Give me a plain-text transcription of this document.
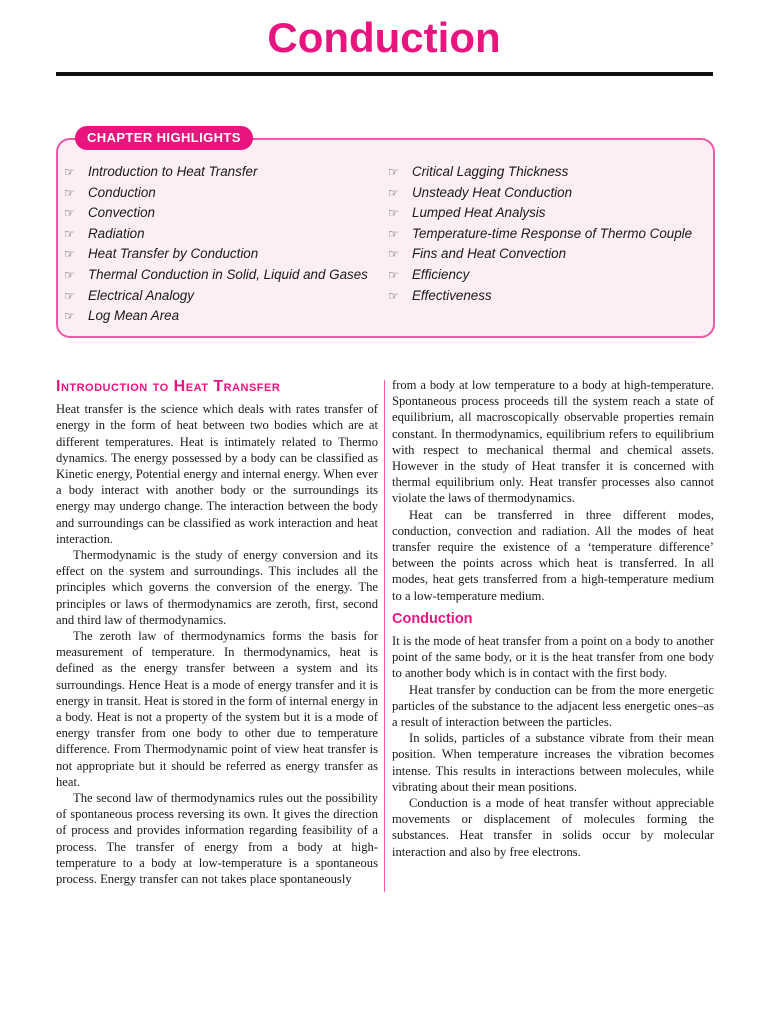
Conduction
CHAPTER HIGHLIGHTS
☞ Introduction to Heat Transfer
☞ Conduction
☞ Convection
☞ Radiation
☞ Heat Transfer by Conduction
☞ Thermal Conduction in Solid, Liquid and Gases
☞ Electrical Analogy
☞ Log Mean Area
☞ Critical Lagging Thickness
☞ Unsteady Heat Conduction
☞ Lumped Heat Analysis
☞ Temperature-time Response of Thermo Couple
☞ Fins and Heat Convection
☞ Efficiency
☞ Effectiveness
Introduction to Heat Transfer

Heat transfer is the science which deals with rates transfer of energy in the form of heat between two bodies which are at different temperatures. Heat is intimately related to Thermo dynamics. The energy possessed by a body can be classified as Kinetic energy, Potential energy and internal energy. When ever a body interact with another body or the surroundings its energy may undergo change. The interaction between the body and surroundings can be classified as work interaction and heat interaction.

Thermodynamic is the study of energy conversion and its effect on the system and surroundings. This includes all the principles which governs the conversion of the energy. The principles or laws of thermodynamics are zeroth, first, second and third law of thermodynamics.

The zeroth law of thermodynamics forms the basis for measurement of temperature. In thermodynamics, heat is defined as the energy transfer between a system and its surroundings. Hence Heat is a mode of energy transfer and it is energy in transit. Heat is stored in the form of internal energy in a body. Heat is not a property of the system but it is a mode of energy transfer from one body to other due to temperature difference. From Thermodynamic point of view heat transfer is not appropriate but it should be referred as energy transfer as heat.

The second law of thermodynamics rules out the possibility of spontaneous process reversing its own. It gives the direction of process and provides information regarding feasibility of a process. The transfer of energy from a body at high-temperature to a body at low-temperature is a spontaneous process. Energy transfer can not takes place spontaneously

from a body at low temperature to a body at high-temperature. Spontaneous process proceeds till the system reach a state of equilibrium, all macroscopically observable properties remain constant. In thermodynamics, equilibrium refers to equilibrium with respect to mechanical thermal and chemical assets. However in the study of Heat transfer it is concerned with thermal equilibrium only. Heat transfer processes also cannot violate the laws of thermodynamics.

Heat can be transferred in three different modes, conduction, convection and radiation. All the modes of heat transfer require the existence of a ‘temperature difference’ between the points across which heat is transferred. In all modes, heat gets transferred from a high-temperature medium to a low-temperature medium.

Conduction

It is the mode of heat transfer from a point on a body to another point of the same body, or it is the heat transfer from one body to another body which is in contact with the first body.

Heat transfer by conduction can be from the more energetic particles of the substance to the adjacent less energetic ones–as a result of interaction between the particles.

In solids, particles of a substance vibrate from their mean position. When temperature increases the vibration becomes intense. This results in interactions between molecules, while vibrating about their mean positions.

Conduction is a mode of heat transfer without appreciable movements or displacement of molecules forming the substances. Heat transfer in solids occur by molecular interaction and also by free electrons.
